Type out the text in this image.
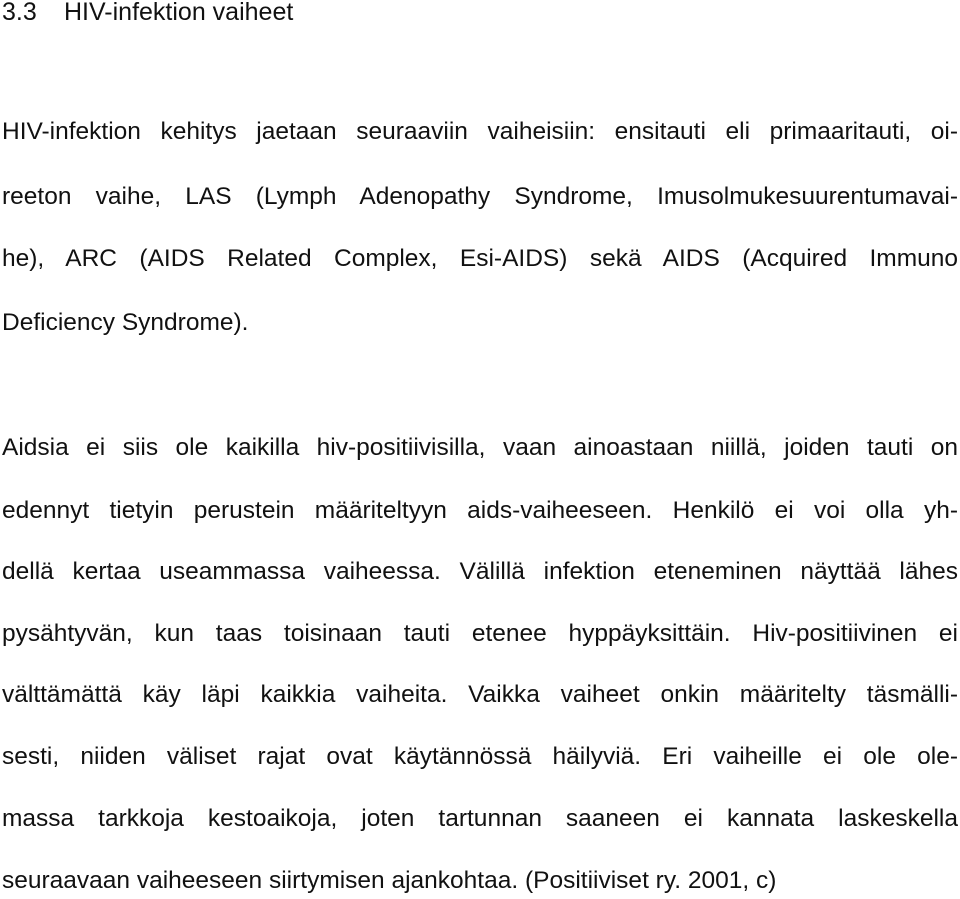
3.3 HIV-infektion vaiheet

HIV-infektion kehitys jaetaan seuraaviin vaiheisiin: ensitauti eli primaaritauti, oi-

reeton vaihe, LAS (Lymph Adenopathy Syndrome, Imusolmukesuurentumavai-

he), ARC (AIDS Related Complex, Esi-AIDS) sekä AIDS (Acquired Immuno

Deficiency Syndrome).

Aidsia ei siis ole kaikilla hiv-positiivisilla, vaan ainoastaan niillä, joiden tauti on

edennyt tietyin perustein määriteltyyn aids-vaiheeseen. Henkilö ei voi olla yh-

dellä kertaa useammassa vaiheessa. Välillä infektion eteneminen näyttää lähes

pysähtyvän, kun taas toisinaan tauti etenee hyppäyksittäin. Hiv-positiivinen ei

välttämättä käy läpi kaikkia vaiheita. Vaikka vaiheet onkin määritelty täsmälli-

sesti, niiden väliset rajat ovat käytännössä häilyviä. Eri vaiheille ei ole ole-

massa tarkkoja kestoaikoja, joten tartunnan saaneen ei kannata laskeskella

seuraavaan vaiheeseen siirtymisen ajankohtaa. (Positiiviset ry. 2001, c)
